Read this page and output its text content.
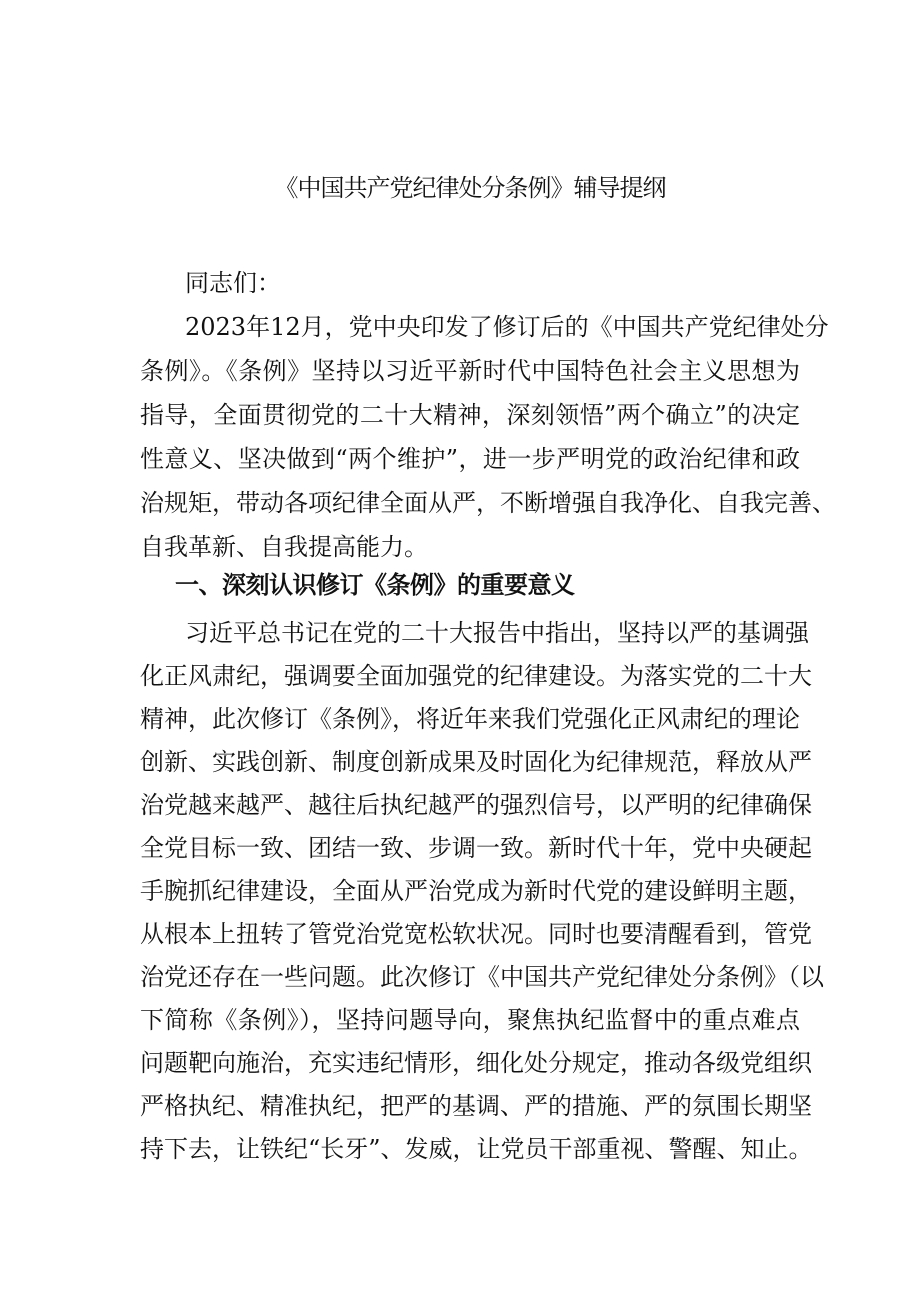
《中国共产党纪律处分条例》辅导提纲

同志们：

2023年12月，党中央印发了修订后的《中国共产党纪律处分

条例》。《条例》坚持以习近平新时代中国特色社会主义思想为

指导，全面贯彻党的二十大精神，深刻领悟”两个确立”的决定

性意义、坚决做到“两个维护”，进一步严明党的政治纪律和政

治规矩，带动各项纪律全面从严，不断增强自我净化、自我完善、

自我革新、自我提高能力。

一、深刻认识修订《条例》的重要意义

习近平总书记在党的二十大报告中指出，坚持以严的基调强

化正风肃纪，强调要全面加强党的纪律建设。为落实党的二十大

精神，此次修订《条例》，将近年来我们党强化正风肃纪的理论

创新、实践创新、制度创新成果及时固化为纪律规范，释放从严

治党越来越严、越往后执纪越严的强烈信号，以严明的纪律确保

全党目标一致、团结一致、步调一致。新时代十年，党中央硬起

手腕抓纪律建设，全面从严治党成为新时代党的建设鲜明主题，

从根本上扭转了管党治党宽松软状况。同时也要清醒看到，管党

治党还存在一些问题。此次修订《中国共产党纪律处分条例》（以

下简称《条例》），坚持问题导向，聚焦执纪监督中的重点难点

问题靶向施治，充实违纪情形，细化处分规定，推动各级党组织

严格执纪、精准执纪，把严的基调、严的措施、严的氛围长期坚

持下去，让铁纪“长牙”、发威，让党员干部重视、警醒、知止。
